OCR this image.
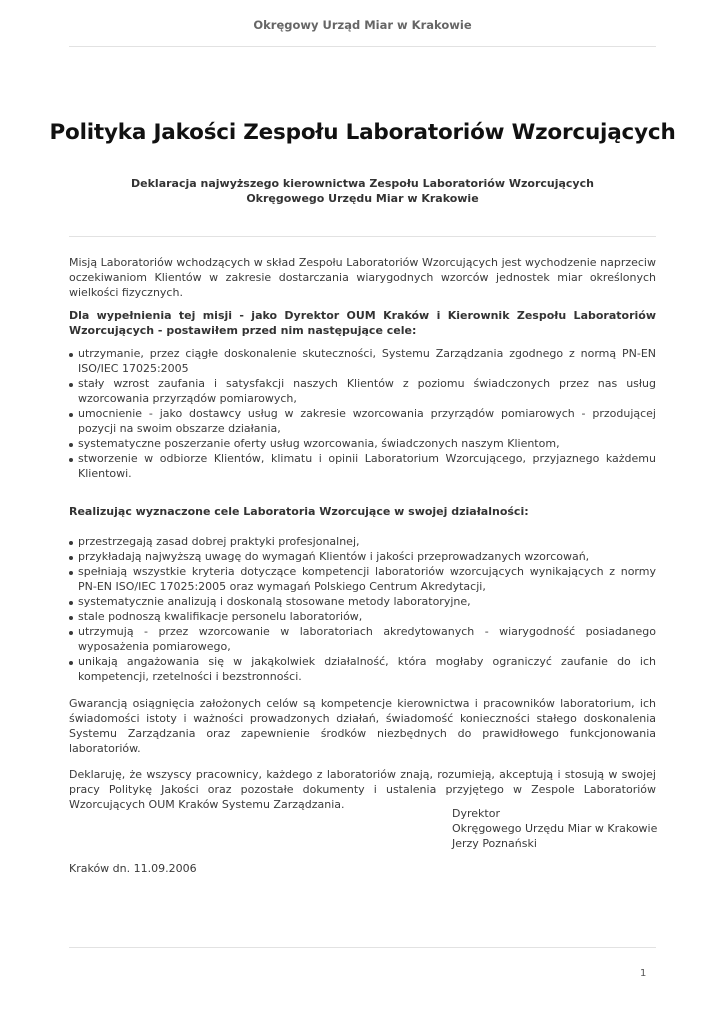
Okręgowy Urząd Miar w Krakowie
Polityka Jakości Zespołu Laboratoriów Wzorcujących
Deklaracja najwyższego kierownictwa Zespołu Laboratoriów Wzorcujących
Okręgowego Urzędu Miar w Krakowie

Misją Laboratoriów wchodzących w skład Zespołu Laboratoriów Wzorcujących jest wychodzenie naprzeciw oczekiwaniom Klientów w zakresie dostarczania wiarygodnych wzorców jednostek miar określonych wielkości fizycznych.

Dla wypełnienia tej misji - jako Dyrektor OUM Kraków i Kierownik Zespołu Laboratoriów Wzorcujących - postawiłem przed nim następujące cele:

utrzymanie, przez ciągłe doskonalenie skuteczności, Systemu Zarządzania zgodnego z normą PN-EN ISO/IEC 17025:2005
stały wzrost zaufania i satysfakcji naszych Klientów z poziomu świadczonych przez nas usług wzorcowania przyrządów pomiarowych,
umocnienie - jako dostawcy usług w zakresie wzorcowania przyrządów pomiarowych - przodującej pozycji na swoim obszarze działania,
systematyczne poszerzanie oferty usług wzorcowania, świadczonych naszym Klientom,
stworzenie w odbiorze Klientów, klimatu i opinii Laboratorium Wzorcującego, przyjaznego każdemu Klientowi.

Realizując wyznaczone cele Laboratoria Wzorcujące w swojej działalności:

przestrzegają zasad dobrej praktyki profesjonalnej,
przykładają najwyższą uwagę do wymagań Klientów i jakości przeprowadzanych wzorcowań,
spełniają wszystkie kryteria dotyczące kompetencji laboratoriów wzorcujących wynikających z normy PN-EN ISO/IEC 17025:2005 oraz wymagań Polskiego Centrum Akredytacji,
systematycznie analizują i doskonalą stosowane metody laboratoryjne,
stale podnoszą kwalifikacje personelu laboratoriów,
utrzymują - przez wzorcowanie w laboratoriach akredytowanych - wiarygodność posiadanego wyposażenia pomiarowego,
unikają angażowania się w jakąkolwiek działalność, która mogłaby ograniczyć zaufanie do ich kompetencji, rzetelności i bezstronności.

Gwarancją osiągnięcia założonych celów są kompetencje kierownictwa i pracowników laboratorium, ich świadomości istoty i ważności prowadzonych działań, świadomość konieczności stałego doskonalenia Systemu Zarządzania oraz zapewnienie środków niezbędnych do prawidłowego funkcjonowania laboratoriów.

Deklaruję, że wszyscy pracownicy, każdego z laboratoriów znają, rozumieją, akceptują i stosują w swojej pracy Politykę Jakości oraz pozostałe dokumenty i ustalenia przyjętego w Zespole Laboratoriów Wzorcujących OUM Kraków Systemu Zarządzania.

Dyrektor
Okręgowego Urzędu Miar w Krakowie
Jerzy Poznański
Kraków dn. 11.09.2006
1
